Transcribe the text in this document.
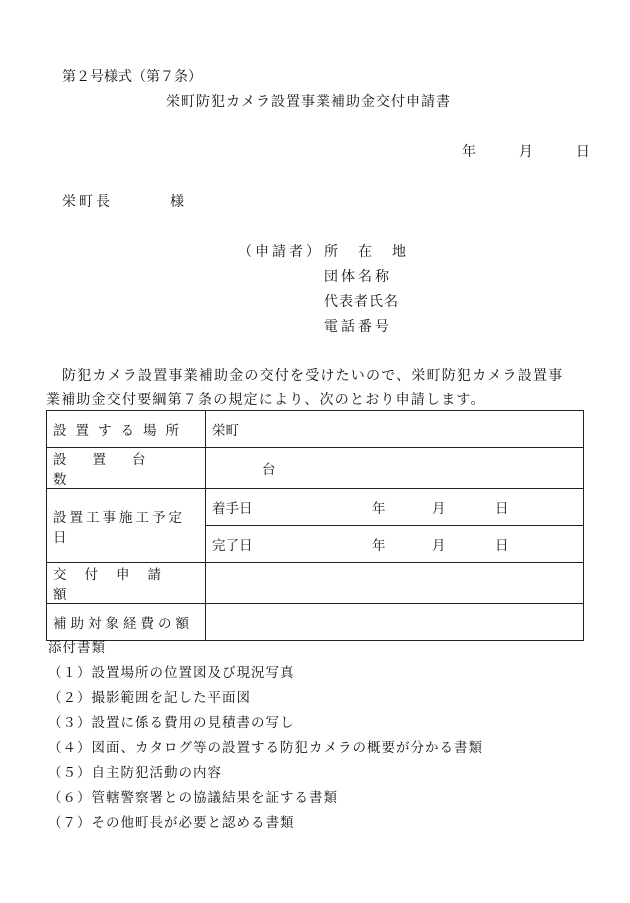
第２号様式（第７条）
栄町防犯カメラ設置事業補助金交付申請書
年	月	日
栄町長	様
（申請者） 所　在　地
団体名称
代表者氏名
電話番号
防犯カメラ設置事業補助金の交付を受けたいので、栄町防犯カメラ設置事
業補助金交付要綱第７条の規定により、次のとおり申請します。
設置する場所	栄町
設置台数	台
設置工事施工予定日	着手日 年 月 日

	完了日 年 月 日

交付申請額	
補助対象経費の額	
添付書類
（１）設置場所の位置図及び現況写真
（２）撮影範囲を記した平面図
（３）設置に係る費用の見積書の写し
（４）図面、カタログ等の設置する防犯カメラの概要が分かる書類
（５）自主防犯活動の内容
（６）管轄警察署との協議結果を証する書類
（７）その他町長が必要と認める書類
